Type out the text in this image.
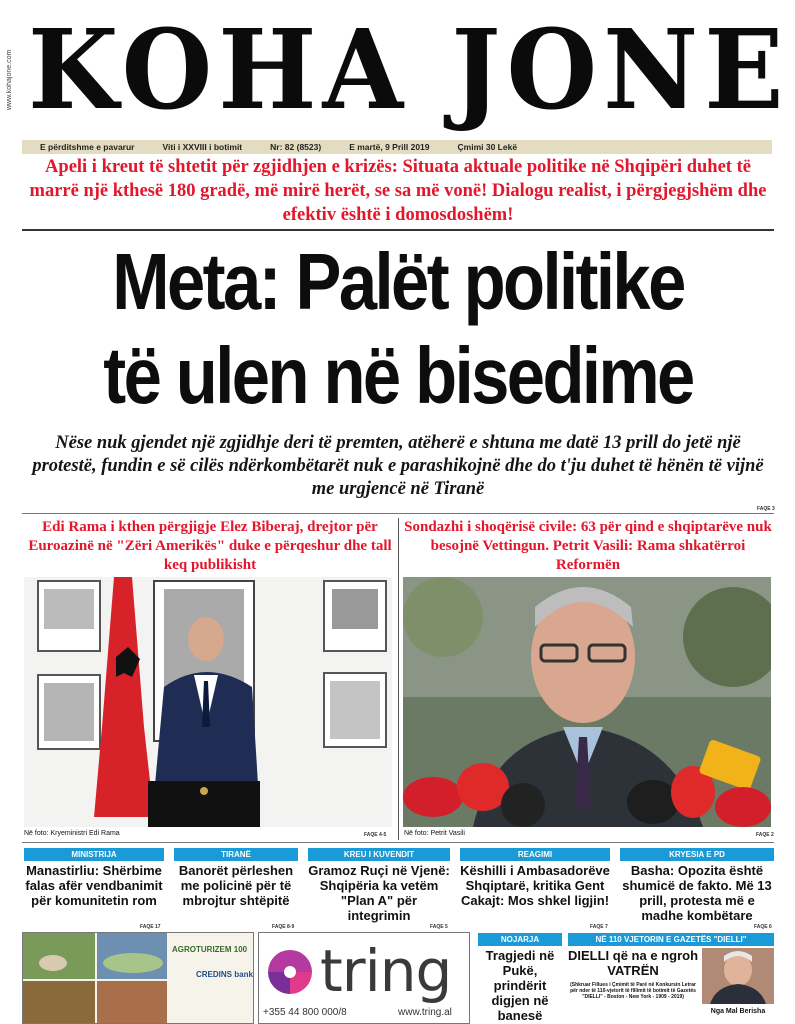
www.kohajone.com KOHA JONE
E përditshme e pavarur	Viti i XXVIII i botimit	Nr: 82 (8523)	E martë, 9 Prill 2019	Çmimi 30 Lekë
Apeli i kreut të shtetit për zgjidhjen e krizës: Situata aktuale politike në Shqipëri duhet të marrë një kthesë 180 gradë, më mirë herët, se sa më vonë! Dialogu realist, i përgjegjshëm dhe efektiv është i domosdoshëm!
Meta: Palët politike
të ulen në bisedime
Nëse nuk gjendet një zgjidhje deri të premten, atëherë e shtuna me datë 13 prill do jetë një protestë, fundin e së cilës ndërkombëtarët nuk e parashikojnë dhe do t'ju duhet të hënën të vijnë me urgjencë në Tiranë
FAQE 3
Edi Rama i kthen përgjigje Elez Biberaj, drejtor për Euroazinë në "Zëri Amerikës" duke e përqeshur dhe tall keq publikisht
Në foto: Kryeministri Edi Rama	FAQE 4-5
Sondazhi i shoqërisë civile: 63 për qind e shqiptarëve nuk besojnë Vettingun. Petrit Vasili: Rama shkatërroi Reformën
Në foto: Petrit Vasili	FAQE 2
MINISTRIJA
Manastirliu: Shërbime falas afër vendbanimit për komunitetin rom
FAQE 17
TIRANË
Banorët përleshen me policinë për të mbrojtur shtëpitë
FAQE 8-9
KREU I KUVENDIT
Gramoz Ruçi në Vjenë: Shqipëria ka vetëm "Plan A" për integrimin
FAQE 5
REAGIMI
Këshilli i Ambasadorëve Shqiptarë, kritika Gent Cakajt: Mos shkel ligjin!
FAQE 7
KRYESIA E PD
Basha: Opozita është shumicë de fakto. Më 13 prill, protesta më e madhe kombëtare
FAQE 6
AGROTURIZEM 100
CREDINS bank tring
+355 44 800 000/8	www.tring.al
NOJARJA
Tragjedi në Pukë, prindërit digjen në banesë
NË 110 VJETORIN E GAZETËS "DIELLI"
DIELLI që na e ngroh VATRËN
(Shkruar Fillues i Çmimit të Parë në Konkursin Letrar për nder të 110-vjetorit të fillimit të botimit të Gazetës "DIELLI" - Boston - New York - 1909 - 2019)
Nga Mal Berisha
